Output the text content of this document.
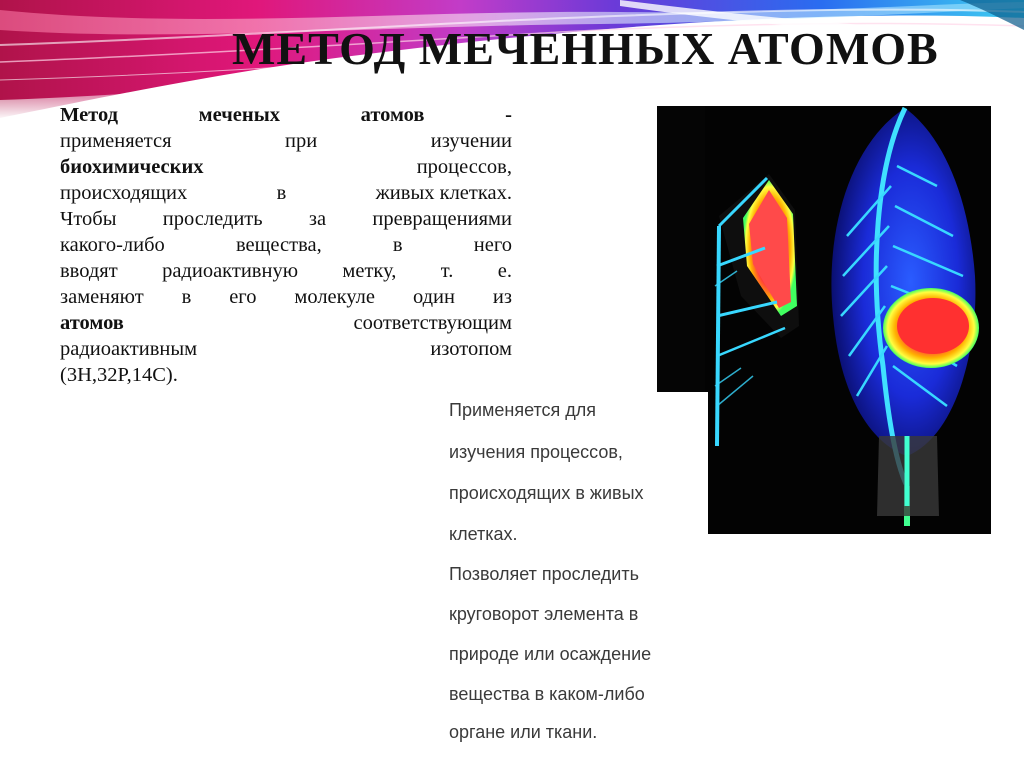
МЕТОД МЕЧЕННЫХ АТОМОВ
Метод	меченых	атомов	-
применяется	при	изучении
биохимических	процессов,
происходящих	в	живых клетках.
Чтобы проследить за превращениями
какого-либо	вещества,	в	него
вводят радиоактивную метку, т. е.
заменяют в его молекуле один из
атомов	соответствующим
радиоактивным	изотопом
(3H,32P,14C).
Применяется для
изучения процессов,
происходящих в живых
клетках.
Позволяет проследить
круговорот элемента в
природе или осаждение
вещества в каком-либо
органе или ткани.
